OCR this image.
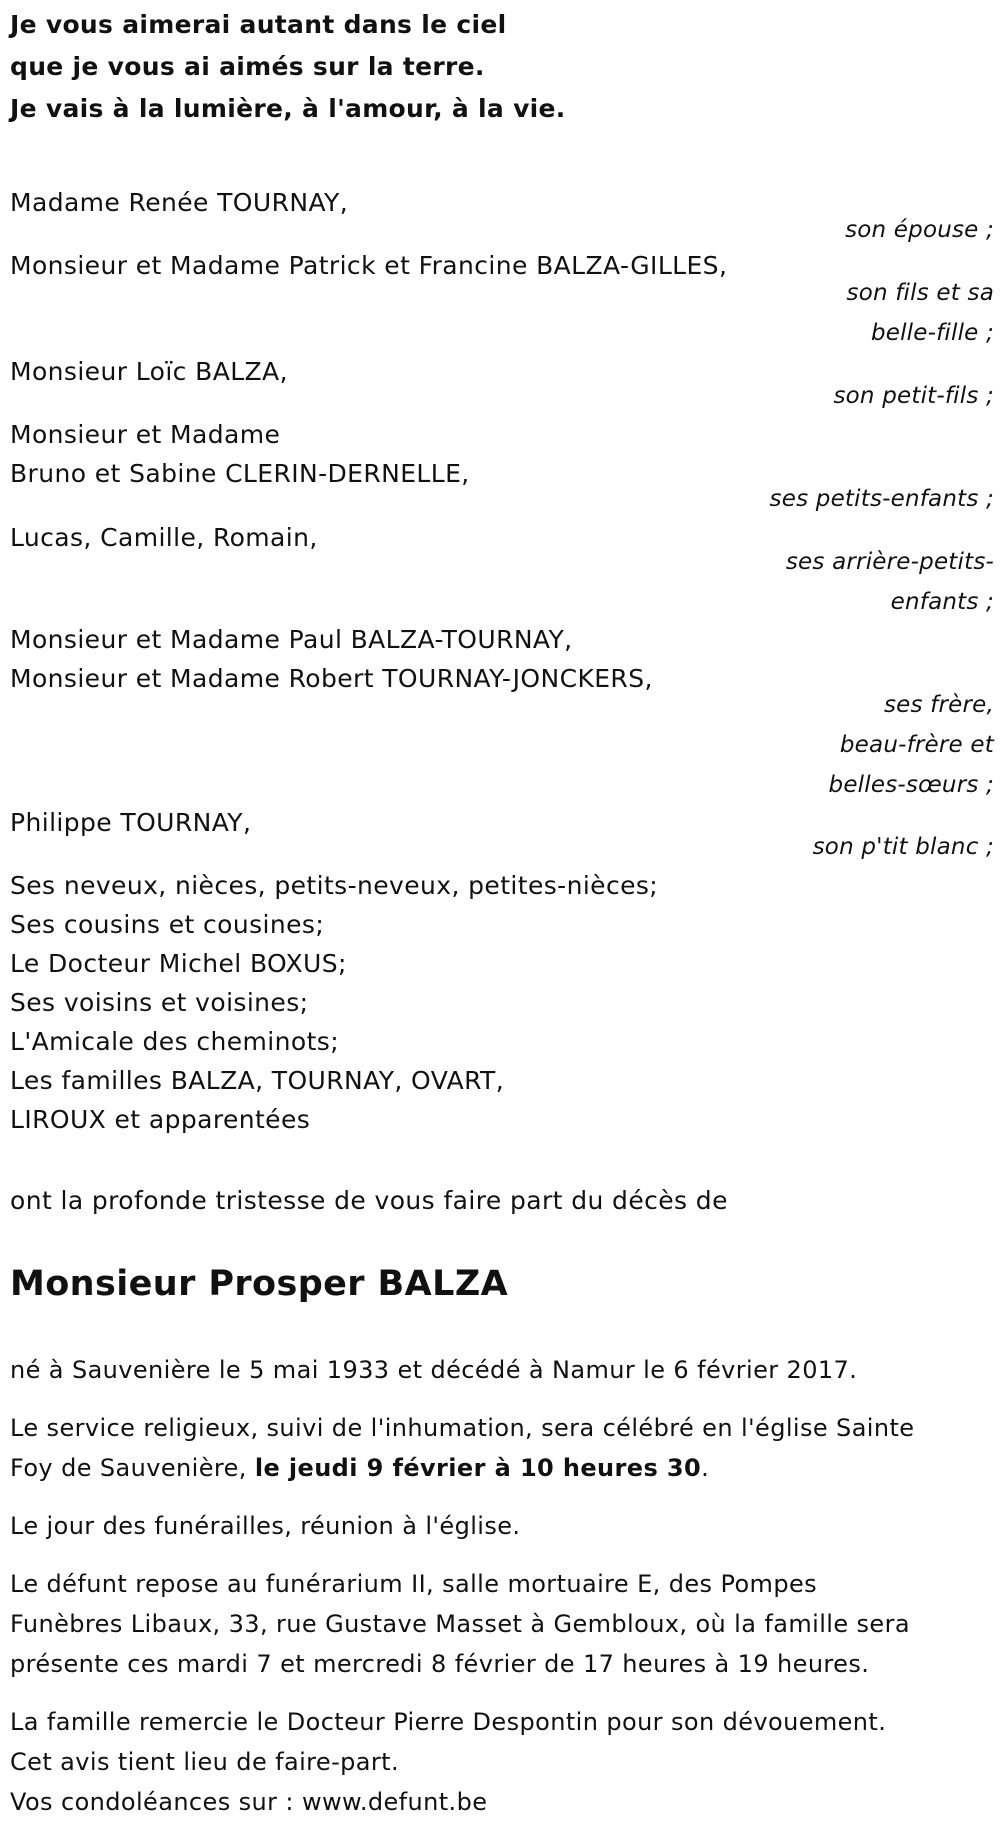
Je vous aimerai autant dans le ciel
que je vous ai aimés sur la terre.
Je vais à la lumière, à l'amour, à la vie.
Madame Renée TOURNAY,
son épouse ;
Monsieur et Madame Patrick et Francine BALZA-GILLES,
son fils et sa
belle-fille ;
Monsieur Loïc BALZA,
son petit-fils ;
Monsieur et Madame
Bruno et Sabine CLERIN-DERNELLE,
ses petits-enfants ;
Lucas, Camille, Romain,
ses arrière-petits-
enfants ;
Monsieur et Madame Paul BALZA-TOURNAY,
Monsieur et Madame Robert TOURNAY-JONCKERS,
ses frère,
beau-frère et
belles-sœurs ;
Philippe TOURNAY,
son p'tit blanc ;
Ses neveux, nièces, petits-neveux, petites-nièces;
Ses cousins et cousines;
Le Docteur Michel BOXUS;
Ses voisins et voisines;
L'Amicale des cheminots;
Les familles BALZA, TOURNAY, OVART,
LIROUX et apparentées
ont la profonde tristesse de vous faire part du décès de
Monsieur Prosper BALZA
né à Sauvenière le 5 mai 1933 et décédé à Namur le 6 février 2017.
Le service religieux, suivi de l'inhumation, sera célébré en l'église Sainte
Foy de Sauvenière, le jeudi 9 février à 10 heures 30.
Le jour des funérailles, réunion à l'église.
Le défunt repose au funérarium II, salle mortuaire E, des Pompes
Funèbres Libaux, 33, rue Gustave Masset à Gembloux, où la famille sera
présente ces mardi 7 et mercredi 8 février de 17 heures à 19 heures.
La famille remercie le Docteur Pierre Despontin pour son dévouement.
Cet avis tient lieu de faire-part.
Vos condoléances sur : www.defunt.be
